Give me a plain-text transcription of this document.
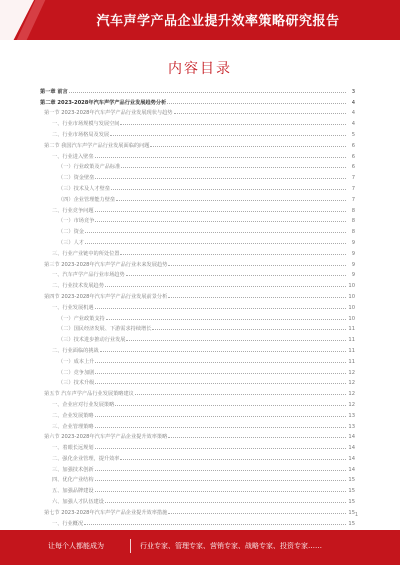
汽车声学产品企业提升效率策略研究报告
内容目录
第一章 前言	3
第二章 2023-2028年汽车声学产品行业发展趋势分析	4
第一节 2023-2028年汽车声学产品行业发展现状与趋势	4
一、行业市场规模与发展空间	4
二、行业市场格局及发展	5
第二节 我国汽车声学产品行业发展面临的问题	6
一、行业进入壁垒	6
（一）行业政策及产品标准	6
（二）资金壁垒	7
（三）技术及人才壁垒	7
（四）企业管理能力壁垒	7
二、行业竞争问题	8
（一）市场竞争	8
（二）资金	8
（三）人才	9
三、行业产业链中的所处位置	9
第三节 2023-2028年汽车声学产品行业未来发展趋势	9
一、汽车声学产品行业市场趋势	9
二、行业技术发展趋势	10
第四节 2023-2028年汽车声学产品行业发展前景分析	10
一、行业发展机遇	10
（一）产业政策支持	10
（二）国民经济发展、下游需求持续增长	11
（三）技术进步推动行业发展	11
二、行业面临的挑战	11
（一）成本上升	11
（二）竞争加剧	12
（三）技术升级	12
第五节 汽车声学产品行业发展策略建议	12
一、企业应对行业发展策略	12
二、企业发展策略	13
三、企业管理策略	13
第六节 2023-2028年汽车声学产品企业提升效率策略	14
一、着眼长远规划	14
二、强化企业管理，提升效率	14
三、加强技术创新	14
四、优化产业结构	15
五、加强品牌建设	15
六、加强人才队伍建设	15
第七节 2023-2028年汽车声学产品企业提升效率措施	15
一、行业概况	15
1
让每个人都能成为	行业专家、管理专家、营销专家、战略专家、投资专家……
